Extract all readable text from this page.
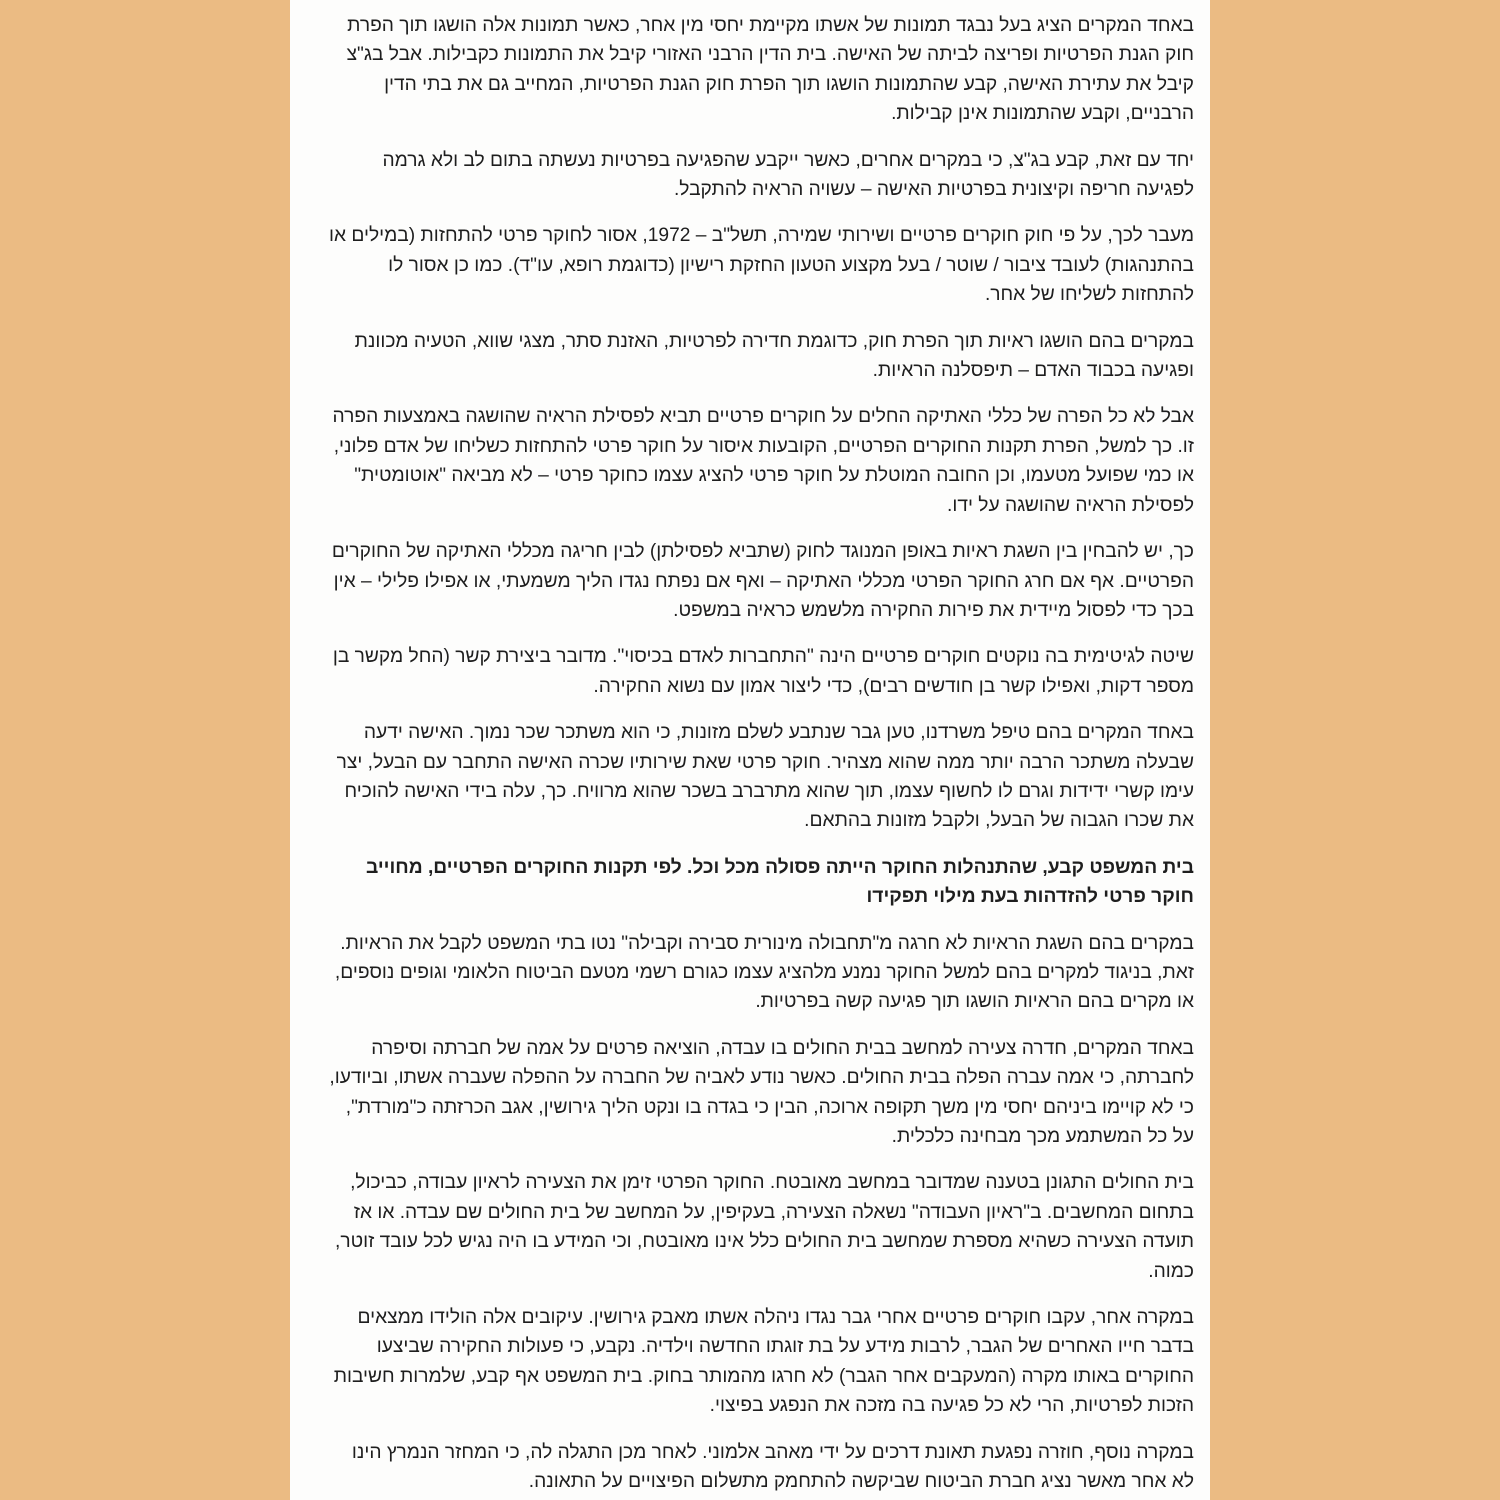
באחד המקרים הציג בעל נבגד תמונות של אשתו מקיימת יחסי מין אחר, כאשר תמונות אלה הושגו תוך הפרת חוק הגנת הפרטיות ופריצה לביתה של האישה. בית הדין הרבני האזורי קיבל את התמונות כקבילות. אבל בג"צ קיבל את עתירת האישה, קבע שהתמונות הושגו תוך הפרת חוק הגנת הפרטיות, המחייב גם את בתי הדין הרבניים, וקבע שהתמונות אינן קבילות.

יחד עם זאת, קבע בג"צ, כי במקרים אחרים, כאשר ייקבע שהפגיעה בפרטיות נעשתה בתום לב ולא גרמה לפגיעה חריפה וקיצונית בפרטיות האישה – עשויה הראיה להתקבל.

מעבר לכך, על פי חוק חוקרים פרטיים ושירותי שמירה, תשל"ב – 1972, אסור לחוקר פרטי להתחזות (במילים או בהתנהגות) לעובד ציבור / שוטר / בעל מקצוע הטעון החזקת רישיון (כדוגמת רופא, עו"ד). כמו כן אסור לו להתחזות לשליחו של אחר.

במקרים בהם הושגו ראיות תוך הפרת חוק, כדוגמת חדירה לפרטיות, האזנת סתר, מצגי שווא, הטעיה מכוונת ופגיעה בכבוד האדם – תיפסלנה הראיות.

אבל לא כל הפרה של כללי האתיקה החלים על חוקרים פרטיים תביא לפסילת הראיה שהושגה באמצעות הפרה זו. כך למשל, הפרת תקנות החוקרים הפרטיים, הקובעות איסור על חוקר פרטי להתחזות כשליחו של אדם פלוני, או כמי שפועל מטעמו, וכן החובה המוטלת על חוקר פרטי להציג עצמו כחוקר פרטי – לא מביאה "אוטומטית" לפסילת הראיה שהושגה על ידו.

כך, יש להבחין בין השגת ראיות באופן המנוגד לחוק (שתביא לפסילתן) לבין חריגה מכללי האתיקה של החוקרים הפרטיים. אף אם חרג החוקר הפרטי מכללי האתיקה – ואף אם נפתח נגדו הליך משמעתי, או אפילו פלילי – אין בכך כדי לפסול מיידית את פירות החקירה מלשמש כראיה במשפט.

שיטה לגיטימית בה נוקטים חוקרים פרטיים הינה "התחברות לאדם בכיסוי". מדובר ביצירת קשר (החל מקשר בן מספר דקות, ואפילו קשר בן חודשים רבים), כדי ליצור אמון עם נשוא החקירה.

באחד המקרים בהם טיפל משרדנו, טען גבר שנתבע לשלם מזונות, כי הוא משתכר שכר נמוך. האישה ידעה שבעלה משתכר הרבה יותר ממה שהוא מצהיר. חוקר פרטי שאת שירותיו שכרה האישה התחבר עם הבעל, יצר עימו קשרי ידידות וגרם לו לחשוף עצמו, תוך שהוא מתרברב בשכר שהוא מרוויח. כך, עלה בידי האישה להוכיח את שכרו הגבוה של הבעל, ולקבל מזונות בהתאם.

בית המשפט קבע, שהתנהלות החוקר הייתה פסולה מכל וכל. לפי תקנות החוקרים הפרטיים, מחוייב חוקר פרטי להזדהות בעת מילוי תפקידו

במקרים בהם השגת הראיות לא חרגה מ"תחבולה מינורית סבירה וקבילה" נטו בתי המשפט לקבל את הראיות. זאת, בניגוד למקרים בהם למשל החוקר נמנע מלהציג עצמו כגורם רשמי מטעם הביטוח הלאומי וגופים נוספים, או מקרים בהם הראיות הושגו תוך פגיעה קשה בפרטיות.

באחד המקרים, חדרה צעירה למחשב בבית החולים בו עבדה, הוציאה פרטים על אמה של חברתה וסיפרה לחברתה, כי אמה עברה הפלה בבית החולים. כאשר נודע לאביה של החברה על ההפלה שעברה אשתו, וביודעו, כי לא קויימו ביניהם יחסי מין משך תקופה ארוכה, הבין כי בגדה בו ונקט הליך גירושין, אגב הכרזתה כ"מורדת", על כל המשתמע מכך מבחינה כלכלית.

בית החולים התגונן בטענה שמדובר במחשב מאובטח. החוקר הפרטי זימן את הצעירה לראיון עבודה, כביכול, בתחום המחשבים. ב"ראיון העבודה" נשאלה הצעירה, בעקיפין, על המחשב של בית החולים שם עבדה. או אז תועדה הצעירה כשהיא מספרת שמחשב בית החולים כלל אינו מאובטח, וכי המידע בו היה נגיש לכל עובד זוטר, כמוה.

במקרה אחר, עקבו חוקרים פרטיים אחרי גבר נגדו ניהלה אשתו מאבק גירושין. עיקובים אלה הולידו ממצאים בדבר חייו האחרים של הגבר, לרבות מידע על בת זוגתו החדשה וילדיה. נקבע, כי פעולות החקירה שביצעו החוקרים באותו מקרה (המעקבים אחר הגבר) לא חרגו מהמותר בחוק. בית המשפט אף קבע, שלמרות חשיבות הזכות לפרטיות, הרי לא כל פגיעה בה מזכה את הנפגע בפיצוי.

במקרה נוסף, חוזרה נפגעת תאונת דרכים על ידי מאהב אלמוני. לאחר מכן התגלה לה, כי המחזר הנמרץ הינו לא אחר מאשר נציג חברת הביטוח שביקשה להתחמק מתשלום הפיצויים על התאונה.
